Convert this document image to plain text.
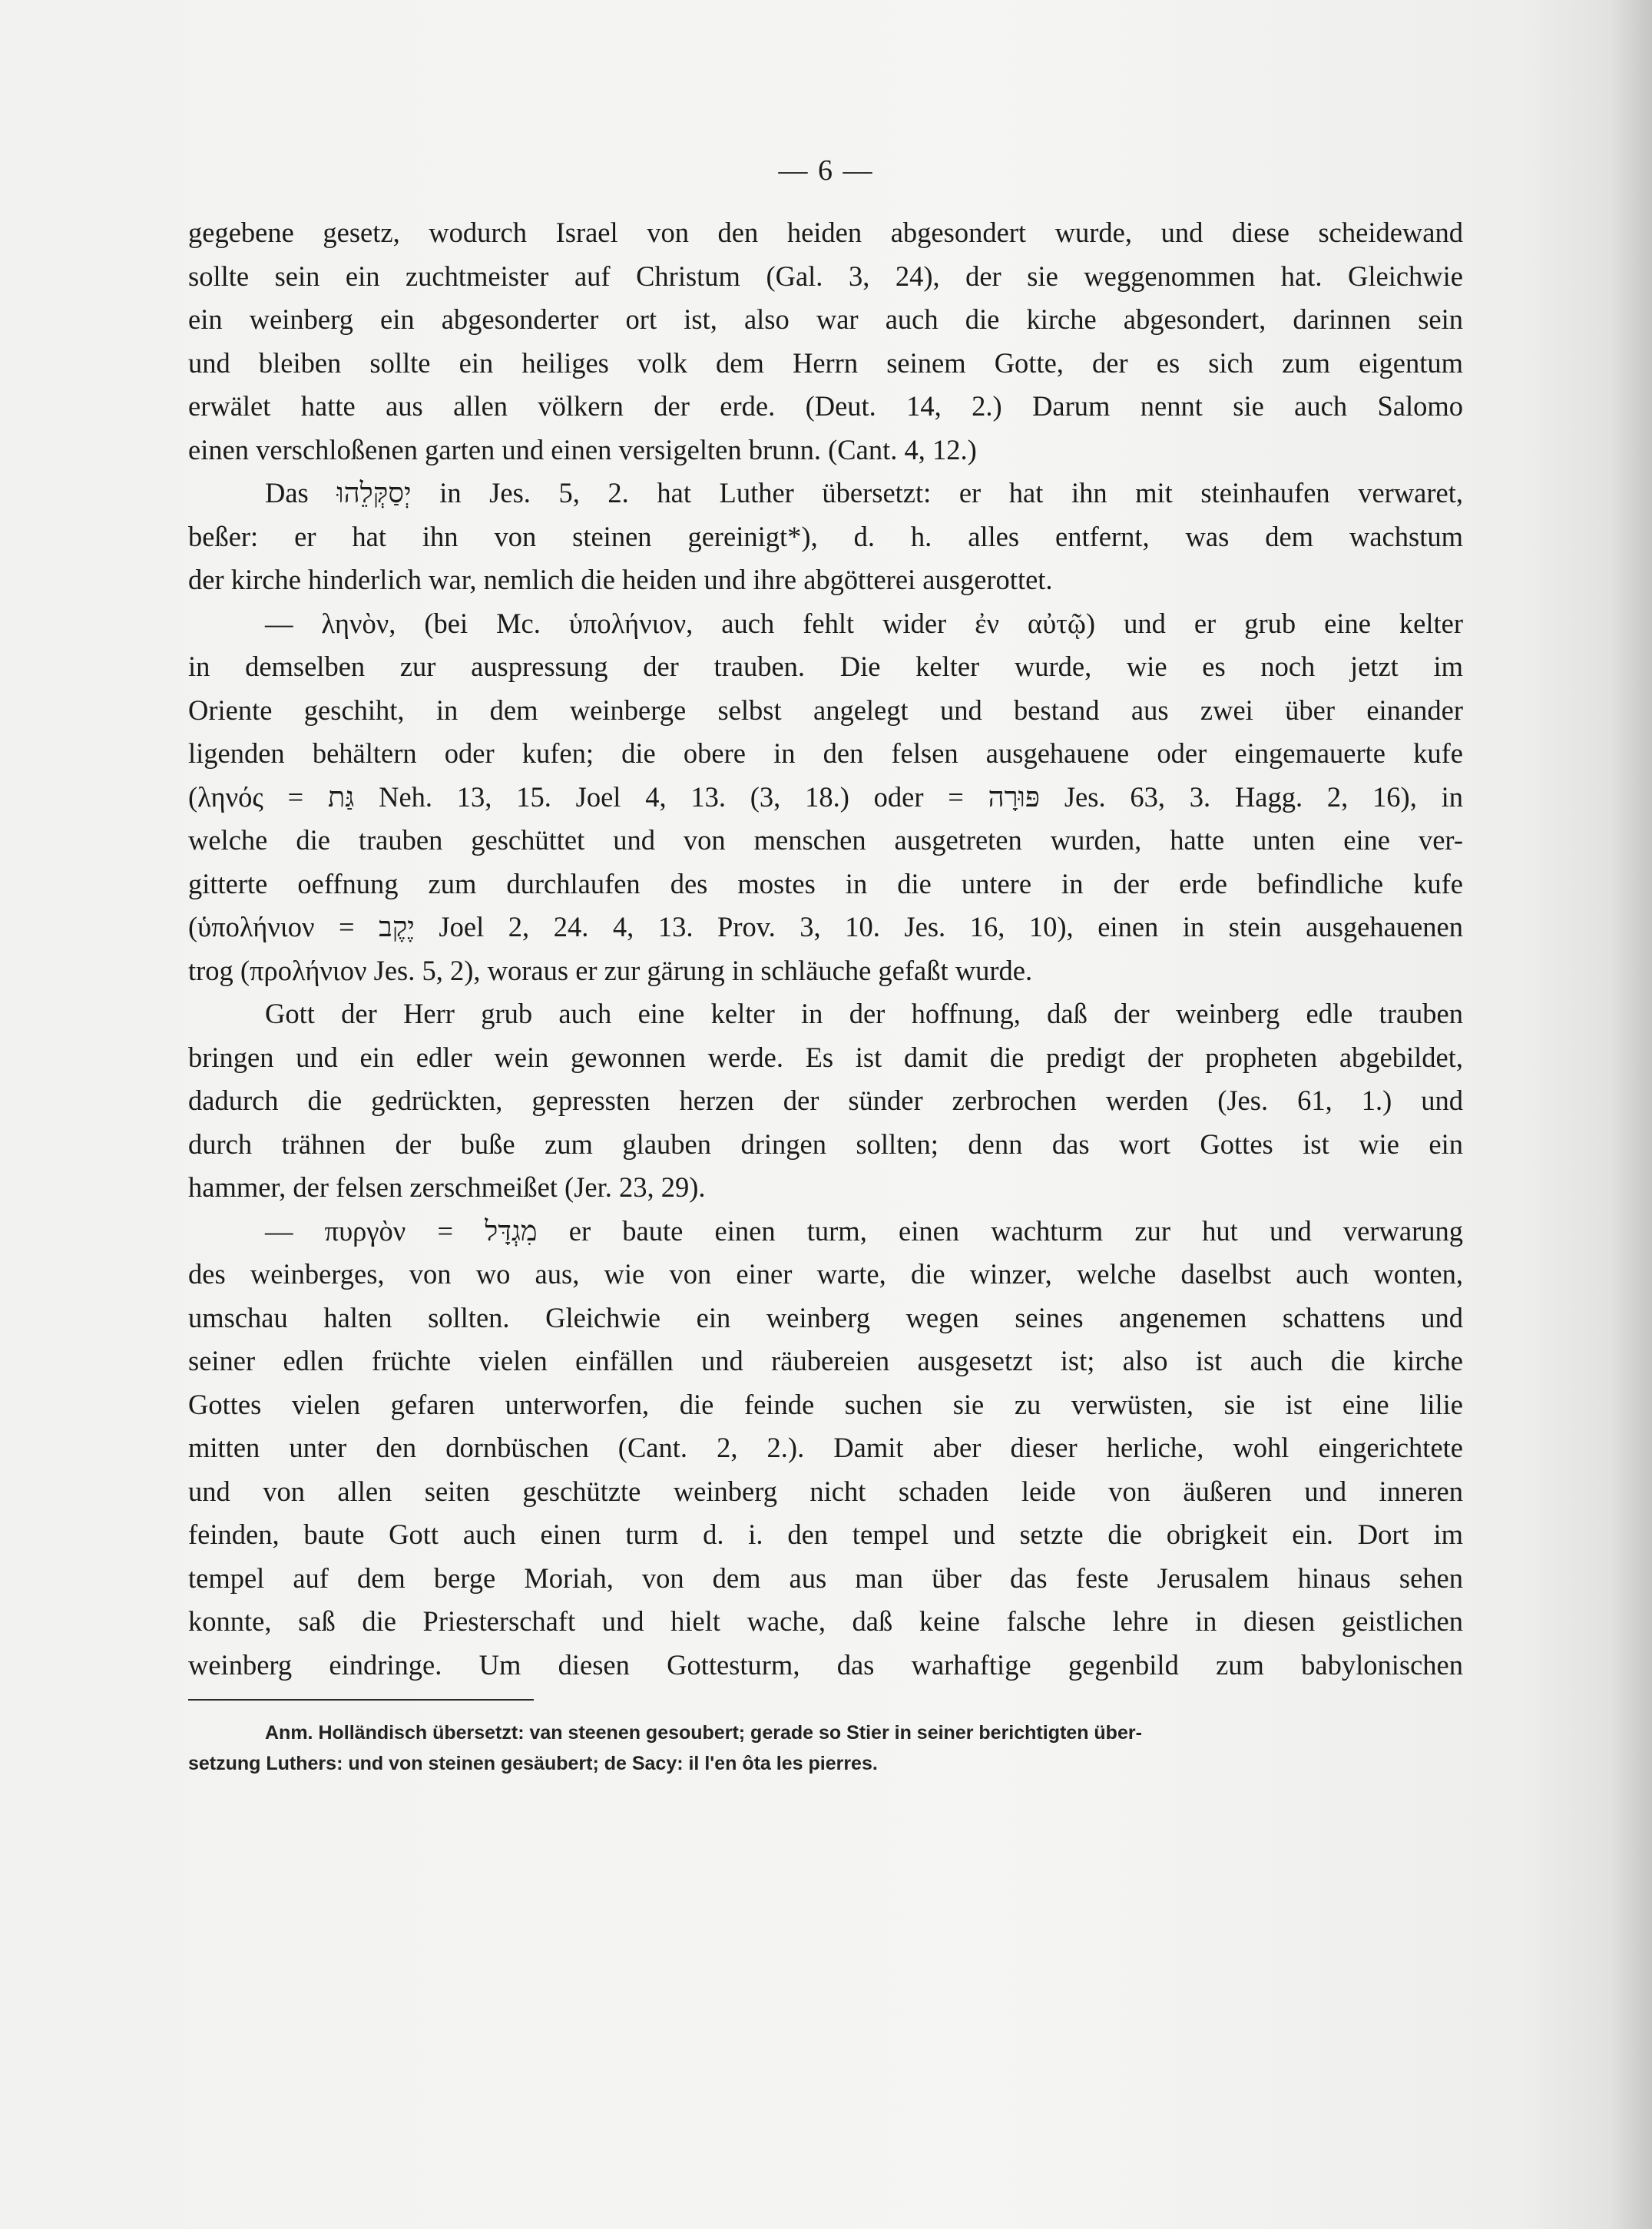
— 6 —
gegebene gesetz, wodurch Israel von den heiden abgesondert wurde, und diese scheidewand
sollte sein ein zuchtmeister auf Christum (Gal. 3, 24), der sie weggenommen hat. Gleichwie
ein weinberg ein abgesonderter ort ist, also war auch die kirche abgesondert, darinnen sein
und bleiben sollte ein heiliges volk dem Herrn seinem Gotte, der es sich zum eigentum
erwälet hatte aus allen völkern der erde. (Deut. 14, 2.) Darum nennt sie auch Salomo
einen verschloßenen garten und einen versigelten brunn. (Cant. 4, 12.)
Das יְסַקְּלֵהוּ in Jes. 5, 2. hat Luther übersetzt: er hat ihn mit steinhaufen verwaret,
beßer: er hat ihn von steinen gereinigt*), d. h. alles entfernt, was dem wachstum
der kirche hinderlich war, nemlich die heiden und ihre abgötterei ausgerottet.
— ληνὸν, (bei Mc. ὑπολήνιον, auch fehlt wider ἐν αὐτῷ) und er grub eine kelter
in demselben zur auspressung der trauben. Die kelter wurde, wie es noch jetzt im
Oriente geschiht, in dem weinberge selbst angelegt und bestand aus zwei über einander
ligenden behältern oder kufen; die obere in den felsen ausgehauene oder eingemauerte kufe
(ληνός = גַּת Neh. 13, 15. Joel 4, 13. (3, 18.) oder = פּוּרָה Jes. 63, 3. Hagg. 2, 16), in
welche die trauben geschüttet und von menschen ausgetreten wurden, hatte unten eine ver-
gitterte oeffnung zum durchlaufen des mostes in die untere in der erde befindliche kufe
(ὑπολήνιον = יֶקֶב Joel 2, 24. 4, 13. Prov. 3, 10. Jes. 16, 10), einen in stein ausgehauenen
trog (προλήνιον Jes. 5, 2), woraus er zur gärung in schläuche gefaßt wurde.
Gott der Herr grub auch eine kelter in der hoffnung, daß der weinberg edle trauben
bringen und ein edler wein gewonnen werde. Es ist damit die predigt der propheten abgebildet,
dadurch die gedrückten, gepressten herzen der sünder zerbrochen werden (Jes. 61, 1.) und
durch trähnen der buße zum glauben dringen sollten; denn das wort Gottes ist wie ein
hammer, der felsen zerschmeißet (Jer. 23, 29).
— πυργὸν = מִגְדָּל er baute einen turm, einen wachturm zur hut und verwarung
des weinberges, von wo aus, wie von einer warte, die winzer, welche daselbst auch wonten,
umschau halten sollten. Gleichwie ein weinberg wegen seines angenemen schattens und
seiner edlen früchte vielen einfällen und räubereien ausgesetzt ist; also ist auch die kirche
Gottes vielen gefaren unterworfen, die feinde suchen sie zu verwüsten, sie ist eine lilie
mitten unter den dornbüschen (Cant. 2, 2.). Damit aber dieser herliche, wohl eingerichtete
und von allen seiten geschützte weinberg nicht schaden leide von äußeren und inneren
feinden, baute Gott auch einen turm d. i. den tempel und setzte die obrigkeit ein. Dort im
tempel auf dem berge Moriah, von dem aus man über das feste Jerusalem hinaus sehen
konnte, saß die Priesterschaft und hielt wache, daß keine falsche lehre in diesen geistlichen
weinberg eindringe. Um diesen Gottesturm, das warhaftige gegenbild zum babylonischen
Anm. Holländisch übersetzt: van steenen gesoubert; gerade so Stier in seiner berichtigten über-
setzung Luthers: und von steinen gesäubert; de Sacy: il l'en ôta les pierres.
